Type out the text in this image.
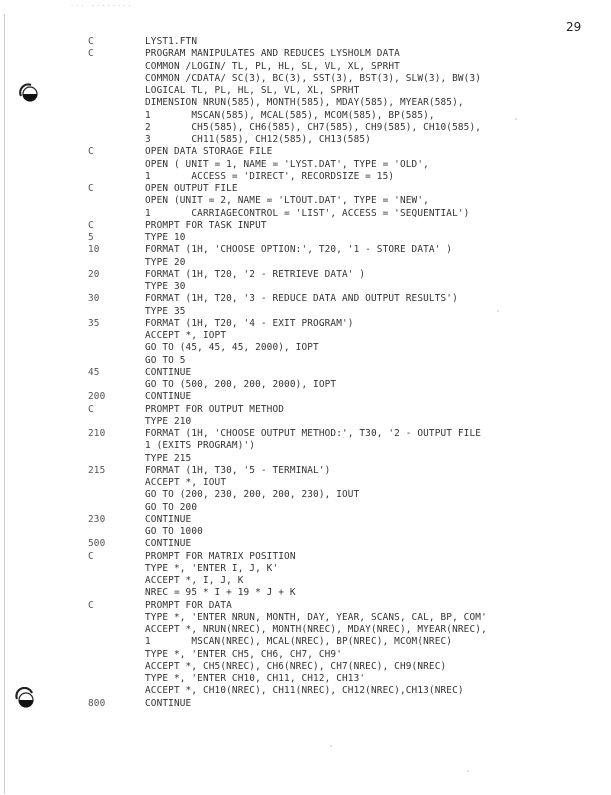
... ........
29
C	LYST1.FTN
C	PROGRAM MANIPULATES AND REDUCES LYSHOLM DATA
COMMON /LOGIN/ TL, PL, HL, SL, VL, XL, SPRHT
COMMON /CDATA/ SC(3), BC(3), SST(3), BST(3), SLW(3), BW(3)
LOGICAL TL, PL, HL, SL, VL, XL, SPRHT
DIMENSION NRUN(585), MONTH(585), MDAY(585), MYEAR(585),
1       MSCAN(585), MCAL(585), MCOM(585), BP(585),
2       CH5(585), CH6(585), CH7(585), CH9(585), CH10(585),
3       CH11(585), CH12(585), CH13(585)
C	OPEN DATA STORAGE FILE
OPEN ( UNIT = 1, NAME = 'LYST.DAT', TYPE = 'OLD',
1       ACCESS = 'DIRECT', RECORDSIZE = 15)
C	OPEN OUTPUT FILE
OPEN (UNIT = 2, NAME = 'LTOUT.DAT', TYPE = 'NEW',
1       CARRIAGECONTROL = 'LIST', ACCESS = 'SEQUENTIAL')
C	PROMPT FOR TASK INPUT
5	TYPE 10
10	FORMAT (1H, 'CHOOSE OPTION:', T20, '1 - STORE DATA' )
TYPE 20
20	FORMAT (1H, T20, '2 - RETRIEVE DATA' )
TYPE 30
30	FORMAT (1H, T20, '3 - REDUCE DATA AND OUTPUT RESULTS')
TYPE 35
35	FORMAT (1H, T20, '4 - EXIT PROGRAM')
ACCEPT *, IOPT
GO TO (45, 45, 45, 2000), IOPT
GO TO 5
45	CONTINUE
GO TO (500, 200, 200, 2000), IOPT
200	CONTINUE
C	PROMPT FOR OUTPUT METHOD
TYPE 210
210	FORMAT (1H, 'CHOOSE OUTPUT METHOD:', T30, '2 - OUTPUT FILE
1 (EXITS PROGRAM)')
TYPE 215
215	FORMAT (1H, T30, '5 - TERMINAL')
ACCEPT *, IOUT
GO TO (200, 230, 200, 200, 230), IOUT
GO TO 200
230	CONTINUE
GO TO 1000
500	CONTINUE
C	PROMPT FOR MATRIX POSITION
TYPE *, 'ENTER I, J, K'
ACCEPT *, I, J, K
NREC = 95 * I + 19 * J + K
C	PROMPT FOR DATA
TYPE *, 'ENTER NRUN, MONTH, DAY, YEAR, SCANS, CAL, BP, COM'
ACCEPT *, NRUN(NREC), MONTH(NREC), MDAY(NREC), MYEAR(NREC),
1       MSCAN(NREC), MCAL(NREC), BP(NREC), MCOM(NREC)
TYPE *, 'ENTER CH5, CH6, CH7, CH9'
ACCEPT *, CH5(NREC), CH6(NREC), CH7(NREC), CH9(NREC)
TYPE *, 'ENTER CH10, CH11, CH12, CH13'
ACCEPT *, CH10(NREC), CH11(NREC), CH12(NREC),CH13(NREC)
800	CONTINUE
